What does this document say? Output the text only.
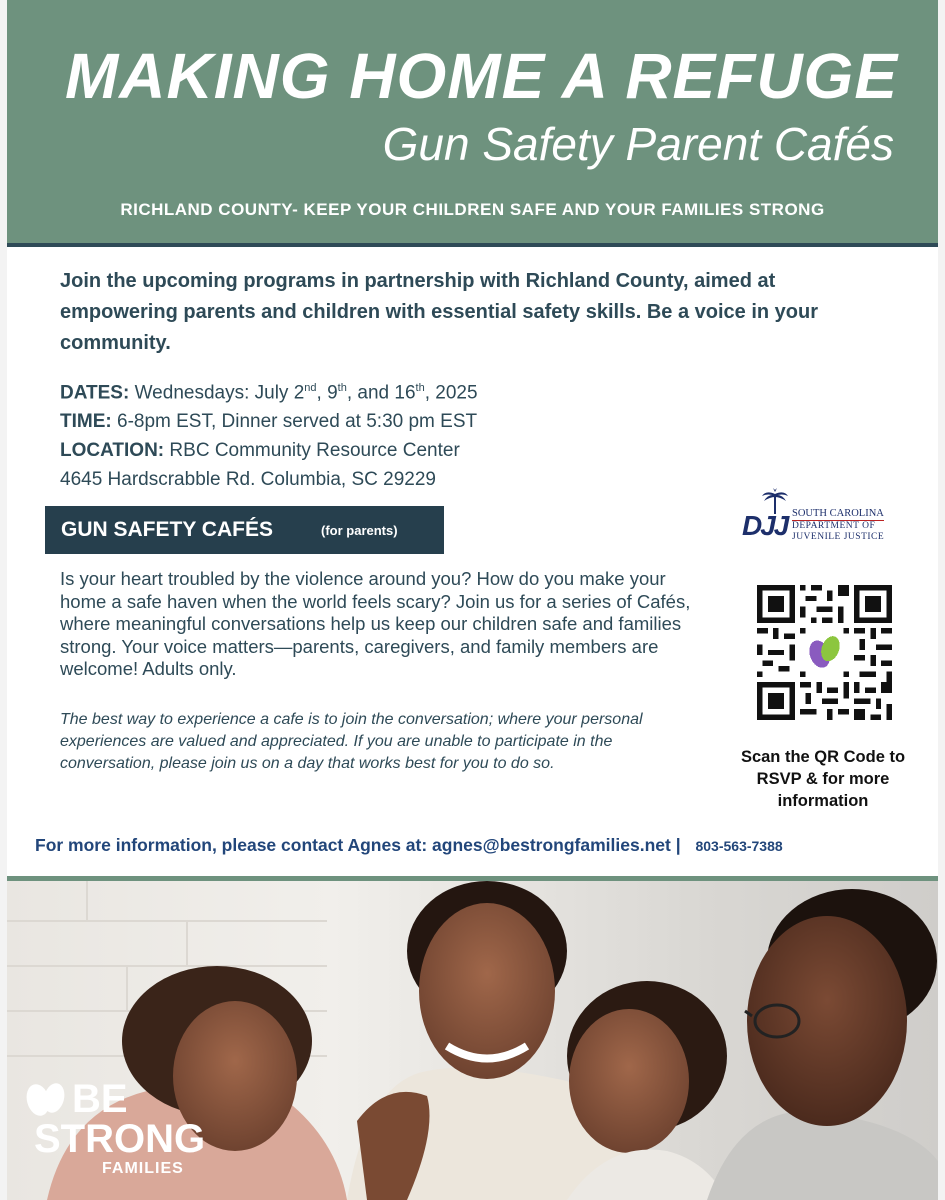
MAKING HOME A REFUGE
Gun Safety Parent Cafés
RICHLAND COUNTY- KEEP YOUR CHILDREN SAFE AND YOUR FAMILIES STRONG
Join the upcoming programs in partnership with Richland County, aimed at empowering parents and children with essential safety skills. Be a voice in your community.
DATES: Wednesdays: July 2nd, 9th, and 16th, 2025
TIME: 6-8pm EST, Dinner served at 5:30 pm EST
LOCATION: RBC Community Resource Center
4645 Hardscrabble Rd. Columbia, SC 29229
GUN SAFETY CAFÉS	(for parents)
Is your heart troubled by the violence around you? How do you make your home a safe haven when the world feels scary? Join us for a series of Cafés, where meaningful conversations help us keep our children safe and families strong. Your voice matters—parents, caregivers, and family members are welcome! Adults only.
The best way to experience a cafe is to join the conversation; where your personal experiences are valued and appreciated. If you are unable to participate in the conversation, please join us on a day that works best for you to do so.
DJJ SOUTH CAROLINA
DEPARTMENT OF
JUVENILE JUSTICE
Scan the QR Code to RSVP & for more information
For more information, please contact Agnes at: agnes@bestrongfamilies.net | 803-563-7388
BE
STRONG
FAMILIES
